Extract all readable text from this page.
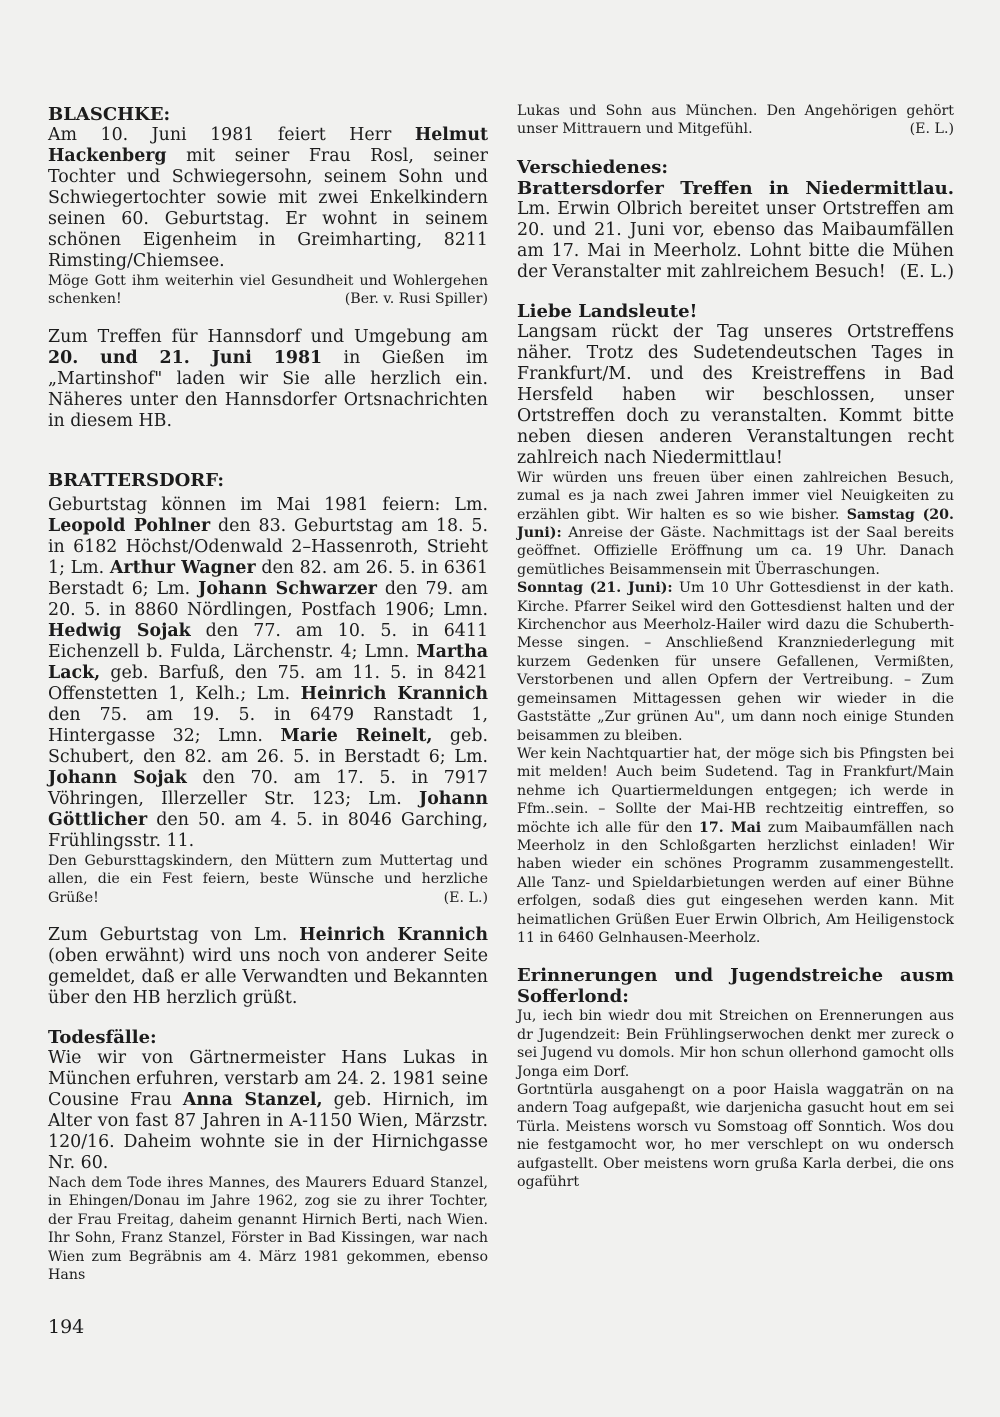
BLASCHKE:

Am 10. Juni 1981 feiert Herr Helmut Hackenberg mit seiner Frau Rosl, seiner Tochter und Schwiegersohn, seinem Sohn und Schwiegertochter sowie mit zwei Enkelkindern seinen 60. Geburtstag. Er wohnt in seinem schönen Eigenheim in Greimharting, 8211 Rimsting/Chiemsee.

Möge Gott ihm weiterhin viel Gesundheit und Wohlergehen schenken!	(Ber. v. Rusi Spiller)

Zum Treffen für Hannsdorf und Umgebung am 20. und 21. Juni 1981 in Gießen im „Martinshof" laden wir Sie alle herzlich ein. Näheres unter den Hannsdorfer Ortsnachrichten in diesem HB.

BRATTERSDORF:

Geburtstag können im Mai 1981 feiern: Lm. Leopold Pohlner den 83. Geburtstag am 18. 5. in 6182 Höchst/Odenwald 2–Hassenroth, Strieht 1; Lm. Arthur Wagner den 82. am 26. 5. in 6361 Berstadt 6; Lm. Johann Schwarzer den 79. am 20. 5. in 8860 Nördlingen, Postfach 1906; Lmn. Hedwig Sojak den 77. am 10. 5. in 6411 Eichenzell b. Fulda, Lärchenstr. 4; Lmn. Martha Lack, geb. Barfuß, den 75. am 11. 5. in 8421 Offenstetten 1, Kelh.; Lm. Heinrich Krannich den 75. am 19. 5. in 6479 Ranstadt 1, Hintergasse 32; Lmn. Marie Reinelt, geb. Schubert, den 82. am 26. 5. in Berstadt 6; Lm. Johann Sojak den 70. am 17. 5. in 7917 Vöhringen, Illerzeller Str. 123; Lm. Johann Göttlicher den 50. am 4. 5. in 8046 Garching, Frühlingsstr. 11.

Den Gebursttagskindern, den Müttern zum Muttertag und allen, die ein Fest feiern, beste Wünsche und herzliche Grüße!	(E. L.)

Zum Geburtstag von Lm. Heinrich Krannich (oben erwähnt) wird uns noch von anderer Seite gemeldet, daß er alle Verwandten und Bekannten über den HB herzlich grüßt.

Todesfälle:

Wie wir von Gärtnermeister Hans Lukas in München erfuhren, verstarb am 24. 2. 1981 seine Cousine Frau Anna Stanzel, geb. Hirnich, im Alter von fast 87 Jahren in A-1150 Wien, Märzstr. 120/16. Daheim wohnte sie in der Hirnichgasse Nr. 60.

Nach dem Tode ihres Mannes, des Maurers Eduard Stanzel, in Ehingen/Donau im Jahre 1962, zog sie zu ihrer Tochter, der Frau Freitag, daheim genannt Hirnich Berti, nach Wien. Ihr Sohn, Franz Stanzel, Förster in Bad Kissingen, war nach Wien zum Begräbnis am 4. März 1981 gekommen, ebenso Hans

Lukas und Sohn aus München. Den Angehörigen gehört unser Mittrauern und Mitgefühl.	(E. L.)

Verschiedenes:
Brattersdorfer Treffen in Niedermittlau.

Lm. Erwin Olbrich bereitet unser Ortstreffen am 20. und 21. Juni vor, ebenso das Maibaumfällen am 17. Mai in Meerholz. Lohnt bitte die Mühen der Veranstalter mit zahlreichem Besuch! (E. L.)

Liebe Landsleute!

Langsam rückt der Tag unseres Ortstreffens näher. Trotz des Sudetendeutschen Tages in Frankfurt/M. und des Kreistreffens in Bad Hersfeld haben wir beschlossen, unser Ortstreffen doch zu veranstalten. Kommt bitte neben diesen anderen Veranstaltungen recht zahlreich nach Niedermittlau!

Wir würden uns freuen über einen zahlreichen Besuch, zumal es ja nach zwei Jahren immer viel Neuigkeiten zu erzählen gibt. Wir halten es so wie bisher. Samstag (20. Juni): Anreise der Gäste. Nachmittags ist der Saal bereits geöffnet. Offizielle Eröffnung um ca. 19 Uhr. Danach gemütliches Beisammensein mit Überraschungen.

Sonntag (21. Juni): Um 10 Uhr Gottesdienst in der kath. Kirche. Pfarrer Seikel wird den Gottesdienst halten und der Kirchenchor aus Meerholz-Hailer wird dazu die Schuberth-Messe singen. – Anschließend Kranzniederlegung mit kurzem Gedenken für unsere Gefallenen, Vermißten, Verstorbenen und allen Opfern der Vertreibung. – Zum gemeinsamen Mittagessen gehen wir wieder in die Gaststätte „Zur grünen Au", um dann noch einige Stunden beisammen zu bleiben.

Wer kein Nachtquartier hat, der möge sich bis Pfingsten bei mit melden! Auch beim Sudetend. Tag in Frankfurt/Main nehme ich Quartiermeldungen entgegen; ich werde in Ffm..sein. – Sollte der Mai-HB rechtzeitig eintreffen, so möchte ich alle für den 17. Mai zum Maibaumfällen nach Meerholz in den Schloßgarten herzlichst einladen! Wir haben wieder ein schönes Programm zusammengestellt. Alle Tanz- und Spieldarbietungen werden auf einer Bühne erfolgen, sodaß dies gut eingesehen werden kann. Mit heimatlichen Grüßen Euer Erwin Olbrich, Am Heiligenstock 11 in 6460 Gelnhausen-Meerholz.

Erinnerungen und Jugendstreiche ausm Sofferlond:

Ju, iech bin wiedr dou mit Streichen on Erennerungen aus dr Jugendzeit: Bein Frühlingserwochen denkt mer zureck o sei Jugend vu domols. Mir hon schun ollerhond gamocht olls Jonga eim Dorf.

Gortntürla ausgahengt on a poor Haisla waggaträn on na andern Toag aufgepaßt, wie darjenicha gasucht hout em sei Türla. Meistens worsch vu Somstoag off Sonntich. Wos dou nie festgamocht wor, ho mer verschlept on wu ondersch aufgastellt. Ober meistens worn grußa Karla derbei, die ons ogaführt

194
